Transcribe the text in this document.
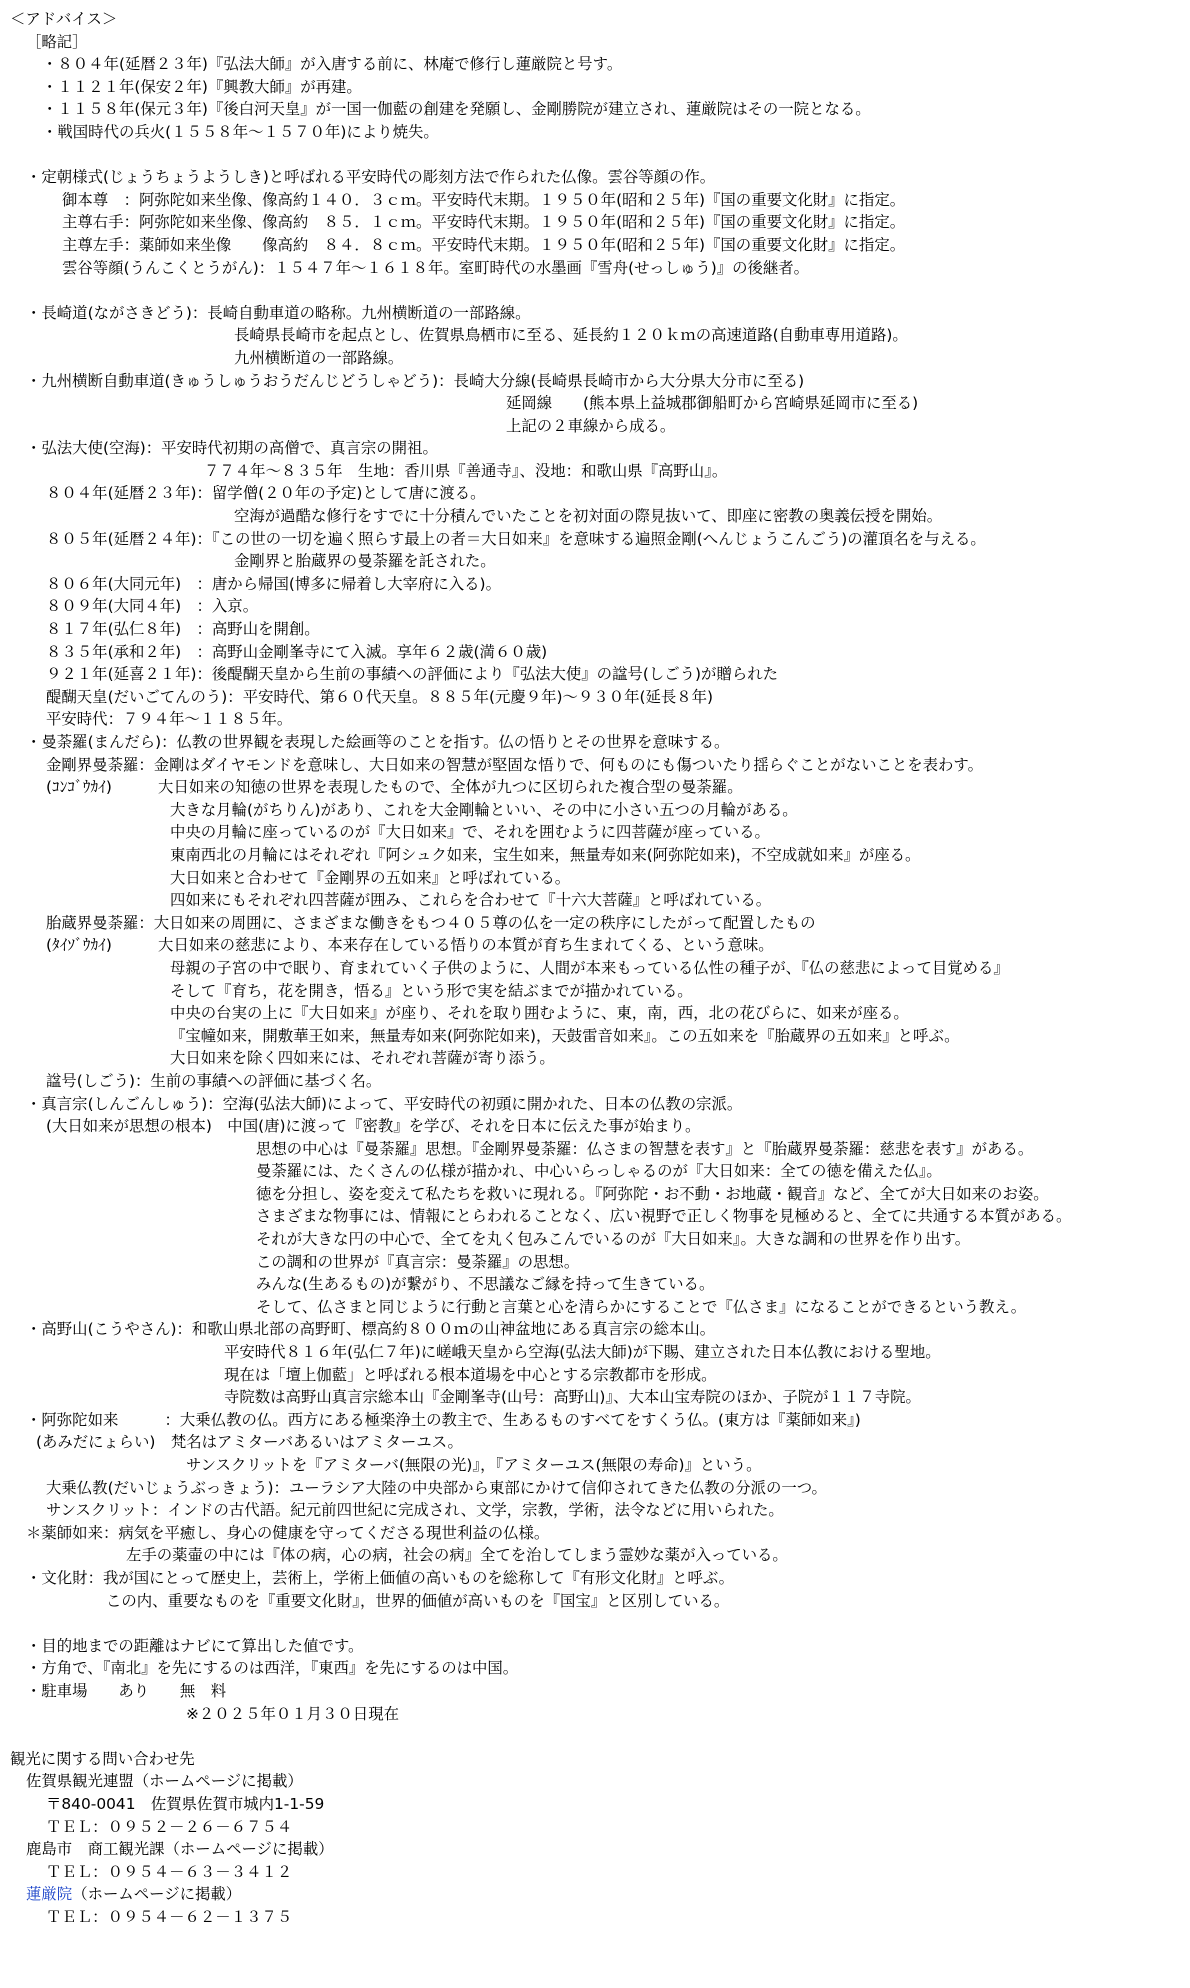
＜アドバイス＞
［略記］
・８０４年(延暦２３年)『弘法大師』が入唐する前に、林庵で修行し蓮厳院と号す。
・１１２１年(保安２年)『興教大師』が再建。
・１１５８年(保元３年)『後白河天皇』が一国一伽藍の創建を発願し、金剛勝院が建立され、蓮厳院はその一院となる。
・戦国時代の兵火(１５５８年～１５７０年)により焼失。
・定朝様式(じょうちょうようしき)と呼ばれる平安時代の彫刻方法で作られた仏像。雲谷等顔の作。
御本尊　：阿弥陀如来坐像、像高約１４０．３ｃｍ。平安時代末期。１９５０年(昭和２５年)『国の重要文化財』に指定。
主尊右手：阿弥陀如来坐像、像高約　８５．１ｃｍ。平安時代末期。１９５０年(昭和２５年)『国の重要文化財』に指定。
主尊左手：薬師如来坐像　　像高約　８４．８ｃｍ。平安時代末期。１９５０年(昭和２５年)『国の重要文化財』に指定。
雲谷等顔(うんこくとうがん)：１５４７年～１６１８年。室町時代の水墨画『雪舟(せっしゅう)』の後継者。
・長崎道(ながさきどう)：長崎自動車道の略称。九州横断道の一部路線。
長崎県長崎市を起点とし、佐賀県鳥栖市に至る、延長約１２０ｋｍの高速道路(自動車専用道路)。
九州横断道の一部路線。
・九州横断自動車道(きゅうしゅうおうだんじどうしゃどう)：長崎大分線(長崎県長崎市から大分県大分市に至る)
延岡線　　(熊本県上益城郡御船町から宮崎県延岡市に至る)
上記の２車線から成る。
・弘法大使(空海)：平安時代初期の高僧で、真言宗の開祖。
７７４年～８３５年　生地：香川県『善通寺』、没地：和歌山県『高野山』。
８０４年(延暦２３年)：留学僧(２０年の予定)として唐に渡る。
空海が過酷な修行をすでに十分積んでいたことを初対面の際見抜いて、即座に密教の奥義伝授を開始。
８０５年(延暦２４年)：『この世の一切を遍く照らす最上の者＝大日如来』を意味する遍照金剛(へんじょうこんごう)の灌頂名を与える。
金剛界と胎蔵界の曼荼羅を託された。
８０６年(大同元年)　：唐から帰国(博多に帰着し大宰府に入る)。
８０９年(大同４年)　：入京。
８１７年(弘仁８年)　：高野山を開創。
８３５年(承和２年)　：高野山金剛峯寺にて入滅。享年６２歳(満６０歳)
９２１年(延喜２１年)：後醍醐天皇から生前の事績への評価により『弘法大使』の諡号(しごう)が贈られた
醍醐天皇(だいごてんのう)：平安時代、第６０代天皇。８８５年(元慶９年)～９３０年(延長８年)
平安時代：７９４年～１１８５年。
・曼荼羅(まんだら)：仏教の世界観を表現した絵画等のことを指す。仏の悟りとその世界を意味する。
金剛界曼荼羅：金剛はダイヤモンドを意味し、大日如来の智慧が堅固な悟りで、何ものにも傷ついたり揺らぐことがないことを表わす。
(ｺﾝｺﾞｳｶｲ)　　　大日如来の知徳の世界を表現したもので、全体が九つに区切られた複合型の曼荼羅。
大きな月輪(がちりん)があり、これを大金剛輪といい、その中に小さい五つの月輪がある。
中央の月輪に座っているのが『大日如来』で、それを囲むように四菩薩が座っている。
東南西北の月輪にはそれぞれ『阿シュク如来，宝生如来，無量寿如来(阿弥陀如来)，不空成就如来』が座る。
大日如来と合わせて『金剛界の五如来』と呼ばれている。
四如来にもそれぞれ四菩薩が囲み、これらを合わせて『十六大菩薩』と呼ばれている。
胎蔵界曼荼羅：大日如来の周囲に、さまざまな働きをもつ４０５尊の仏を一定の秩序にしたがって配置したもの
(ﾀｲｿﾞｳｶｲ)　　　大日如来の慈悲により、本来存在している悟りの本質が育ち生まれてくる、という意味。
母親の子宮の中で眠り、育まれていく子供のように、人間が本来もっている仏性の種子が、『仏の慈悲によって目覚める』
そして『育ち，花を開き，悟る』という形で実を結ぶまでが描かれている。
中央の台実の上に『大日如来』が座り、それを取り囲むように、東，南，西，北の花びらに、如来が座る。
『宝幢如来，開敷華王如来，無量寿如来(阿弥陀如来)，天鼓雷音如来』。この五如来を『胎蔵界の五如来』と呼ぶ。
大日如来を除く四如来には、それぞれ菩薩が寄り添う。
諡号(しごう)：生前の事績への評価に基づく名。
・真言宗(しんごんしゅう)：空海(弘法大師)によって、平安時代の初頭に開かれた、日本の仏教の宗派。
(大日如来が思想の根本)　中国(唐)に渡って『密教』を学び、それを日本に伝えた事が始まり。
思想の中心は『曼荼羅』思想。『金剛界曼荼羅：仏さまの智慧を表す』と『胎蔵界曼荼羅：慈悲を表す』がある。
曼荼羅には、たくさんの仏様が描かれ、中心いらっしゃるのが『大日如来：全ての徳を備えた仏』。
徳を分担し、姿を変えて私たちを救いに現れる。『阿弥陀・お不動・お地蔵・観音』など、全てが大日如来のお姿。
さまざまな物事には、情報にとらわれることなく、広い視野で正しく物事を見極めると、全てに共通する本質がある。
それが大きな円の中心で、全てを丸く包みこんでいるのが『大日如来』。大きな調和の世界を作り出す。
この調和の世界が『真言宗：曼荼羅』の思想。
みんな(生あるもの)が繋がり、不思議なご縁を持って生きている。
そして、仏さまと同じように行動と言葉と心を清らかにすることで『仏さま』になることができるという教え。
・高野山(こうやさん)：和歌山県北部の高野町、標高約８００ｍの山神盆地にある真言宗の総本山。
平安時代８１６年(弘仁７年)に嵯峨天皇から空海(弘法大師)が下賜、建立された日本仏教における聖地。
現在は「壇上伽藍」と呼ばれる根本道場を中心とする宗教都市を形成。
寺院数は高野山真言宗総本山『金剛峯寺(山号：高野山)』、大本山宝寿院のほか、子院が１１７寺院。
・阿弥陀如来　　　：大乗仏教の仏。西方にある極楽浄土の教主で、生あるものすべてをすくう仏。(東方は『薬師如来』)
(あみだにょらい)　梵名はアミターバあるいはアミターユス。
サンスクリットを『アミターバ(無限の光)』，『アミターユス(無限の寿命)』という。
大乗仏教(だいじょうぶっきょう)：ユーラシア大陸の中央部から東部にかけて信仰されてきた仏教の分派の一つ。
サンスクリット：インドの古代語。紀元前四世紀に完成され、文学，宗教，学術，法令などに用いられた。
＊薬師如来：病気を平癒し、身心の健康を守ってくださる現世利益の仏様。
左手の薬壷の中には『体の病，心の病，社会の病』全てを治してしまう霊妙な薬が入っている。
・文化財：我が国にとって歴史上，芸術上，学術上価値の高いものを総称して『有形文化財』と呼ぶ。
この内、重要なものを『重要文化財』，世界的価値が高いものを『国宝』と区別している。
・目的地までの距離はナビにて算出した値です。
・方角で、『南北』を先にするのは西洋，『東西』を先にするのは中国。
・駐車場　　あり　　無　料
※２０２５年０１月３０日現在
観光に関する問い合わせ先
佐賀県観光連盟（ホームページに掲載）
〒840-0041　佐賀県佐賀市城内1-1-59
ＴＥＬ：０９５２－２６－６７５４
鹿島市　商工観光課（ホームページに掲載）
ＴＥＬ：０９５４－６３－３４１２
蓮厳院（ホームページに掲載）
ＴＥＬ：０９５４－６２－１３７５
